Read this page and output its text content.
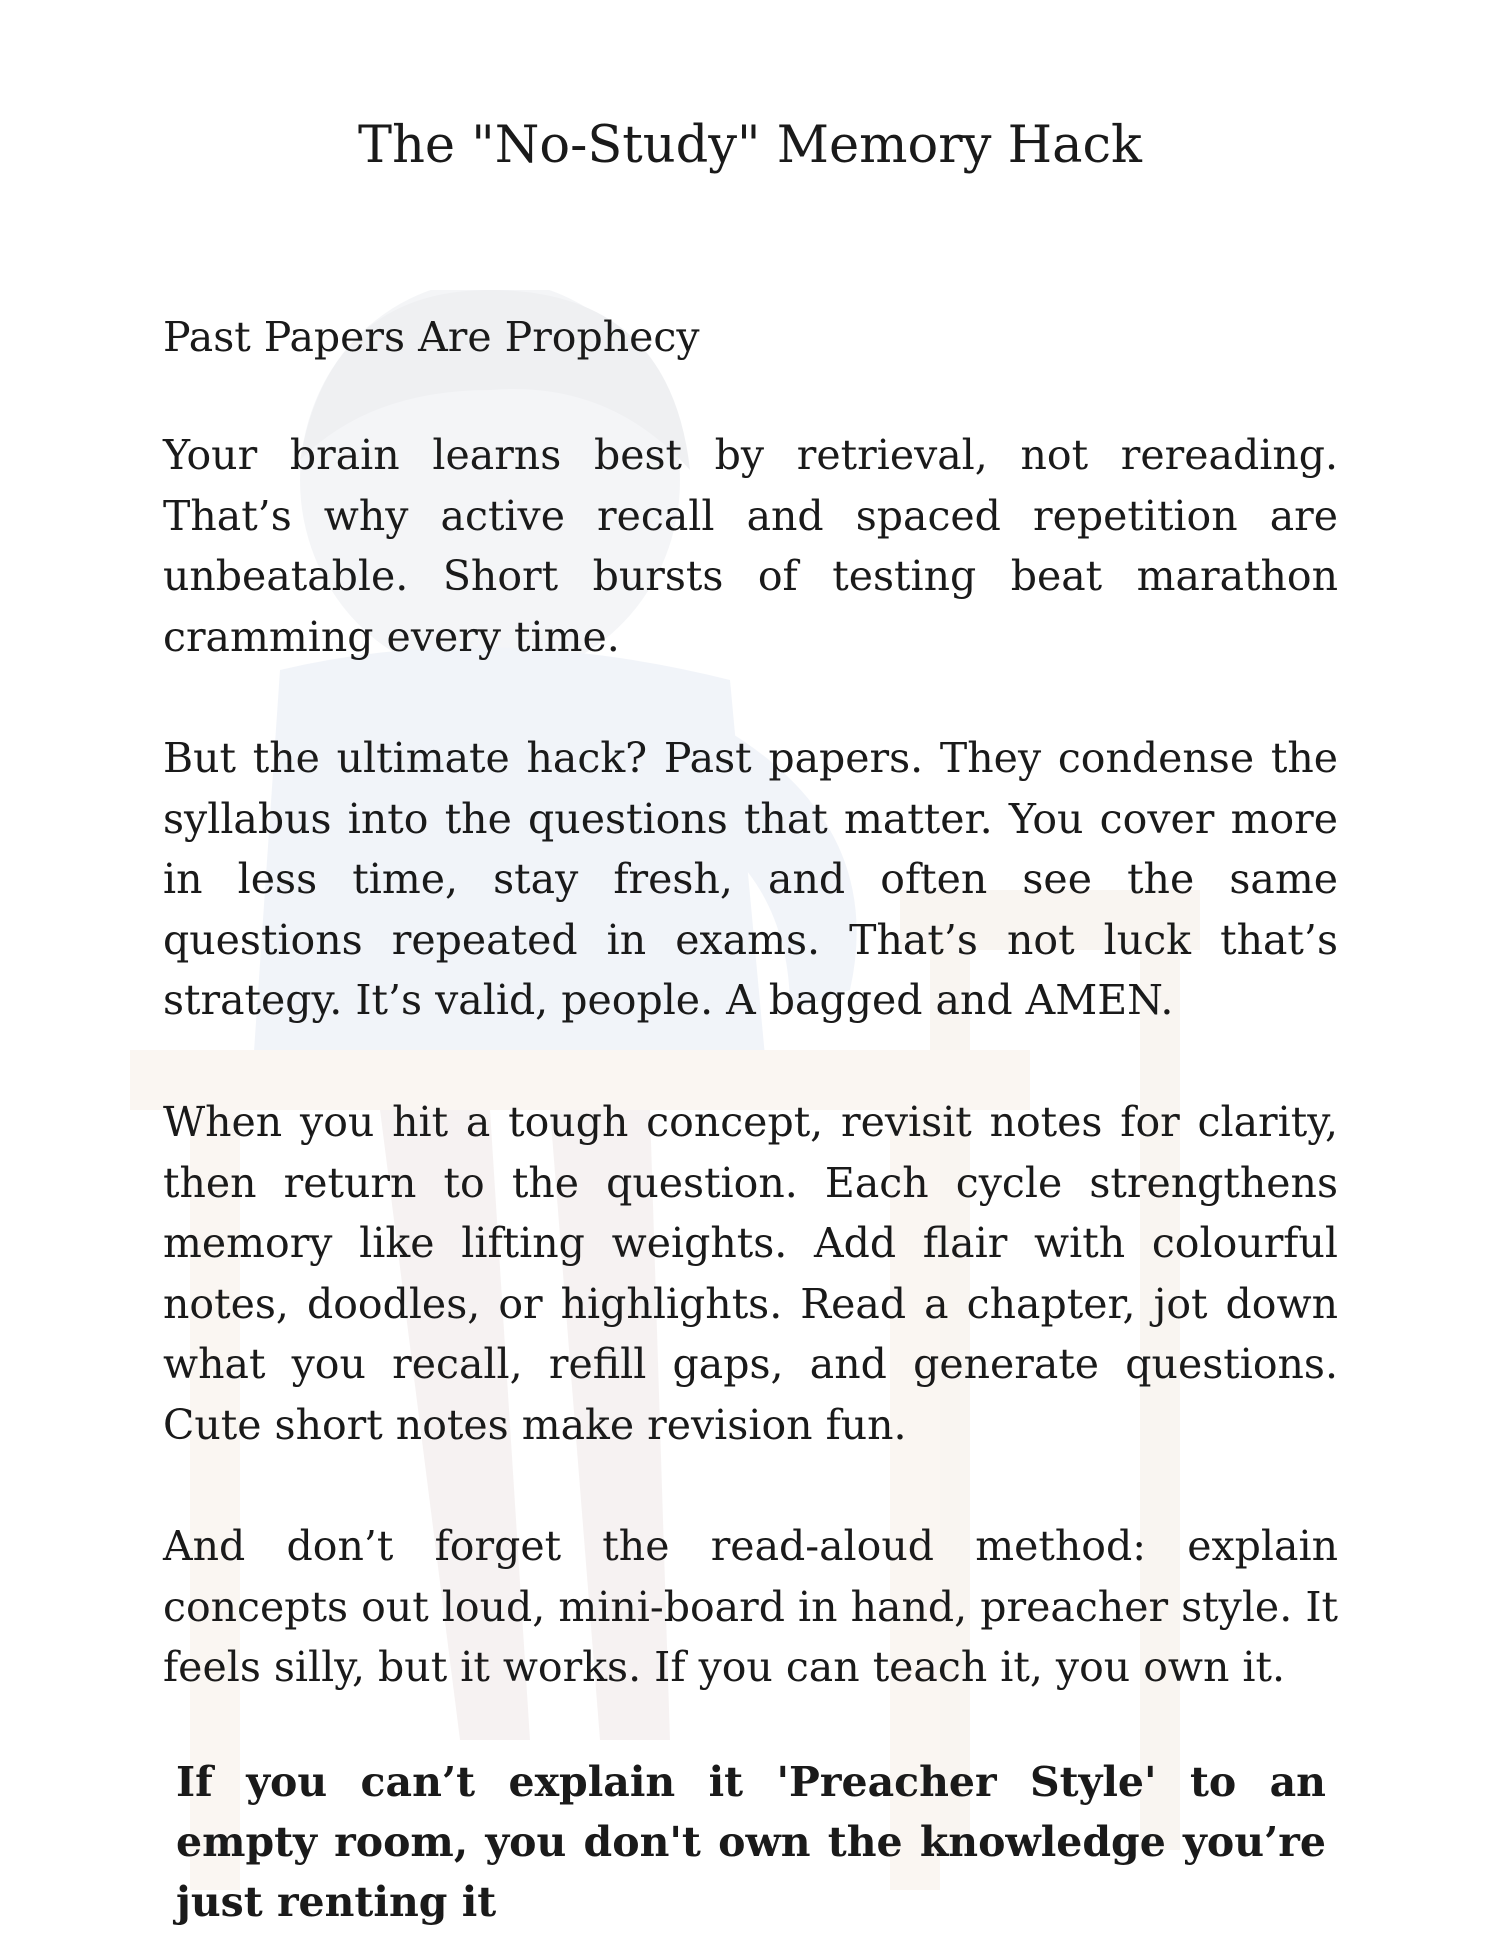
The "No-Study" Memory Hack
Past Papers Are Prophecy

Your brain learns best by retrieval, not rereading. That’s why active recall and spaced repetition are unbeatable. Short bursts of testing beat marathon cramming every time.

But the ultimate hack? Past papers. They condense the syllabus into the questions that matter. You cover more in less time, stay fresh, and often see the same questions repeated in exams. That’s not luck that’s strategy. It’s valid, people. A bagged and AMEN.

When you hit a tough concept, revisit notes for clarity, then return to the question. Each cycle strengthens memory like lifting weights. Add flair with colourful notes, doodles, or highlights. Read a chapter, jot down what you recall, refill gaps, and generate questions. Cute short notes make revision fun.

And don’t forget the read-aloud method: explain concepts out loud, mini-board in hand, preacher style. It feels silly, but it works. If you can teach it, you own it.

If you can’t explain it 'Preacher Style' to an empty room, you don't own the knowledge you’re just renting it
